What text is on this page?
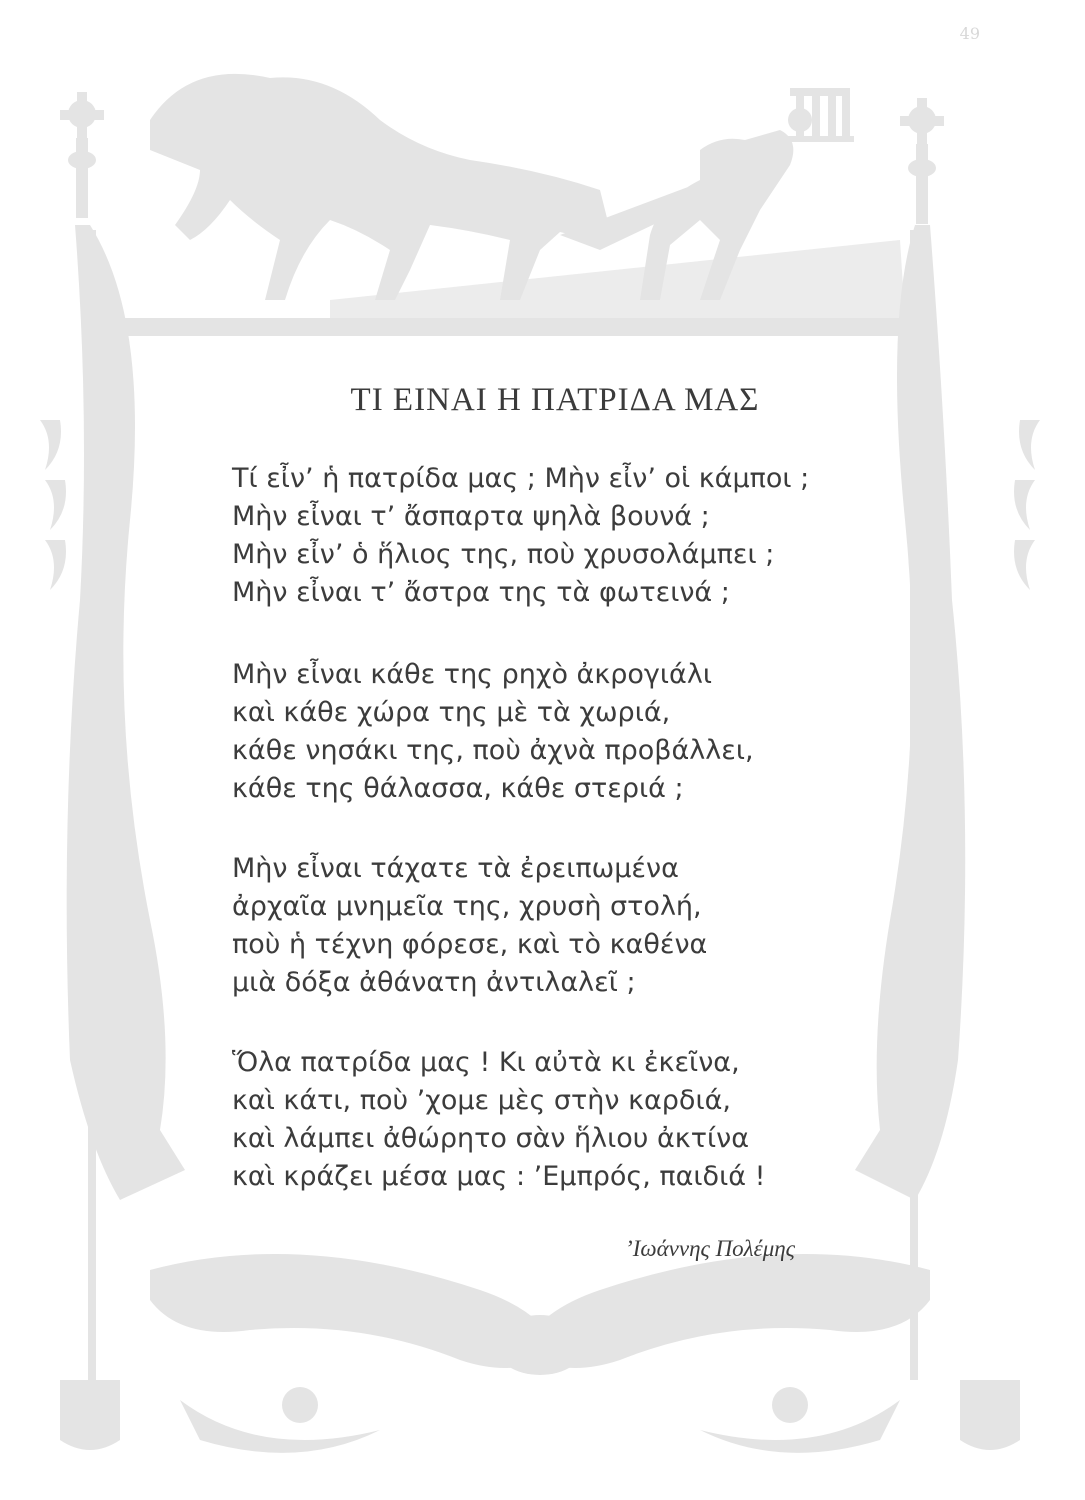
49
ΤΙ ΕΙΝΑΙ Η ΠΑΤΡΙΔΑ ΜΑΣ
Τί εἶν’ ἡ πατρίδα μας ; Μὴν εἶν’ οἱ κάμποι ;
Μὴν εἶναι τ’ ἄσπαρτα ψηλὰ βουνά ;
Μὴν εἶν’ ὁ ἥλιος της, ποὺ χρυσολάμπει ;
Μὴν εἶναι τ’ ἄστρα της τὰ φωτεινά ;
Μὴν εἶναι κάθε της ρηχὸ ἀκρογιάλι
καὶ κάθε χώρα της μὲ τὰ χωριά,
κάθε νησάκι της, ποὺ ἀχνὰ προβάλλει,
κάθε της θάλασσα, κάθε στεριά ;
Μὴν εἶναι τάχατε τὰ ἐρειπωμένα
ἀρχαῖα μνημεῖα της, χρυσὴ στολή,
ποὺ ἡ τέχνη φόρεσε, καὶ τὸ καθένα
μιὰ δόξα ἀθάνατη ἀντιλαλεῖ ;
Ὅλα πατρίδα μας ! Κι αὐτὰ κι ἐκεῖνα,
καὶ κάτι, ποὺ ’χομε μὲς στὴν καρδιά,
καὶ λάμπει ἀθώρητο σὰν ἥλιου ἀκτίνα
καὶ κράζει μέσα μας : ’Εμπρός, παιδιά !
’Ιωάννης Πολέμης
